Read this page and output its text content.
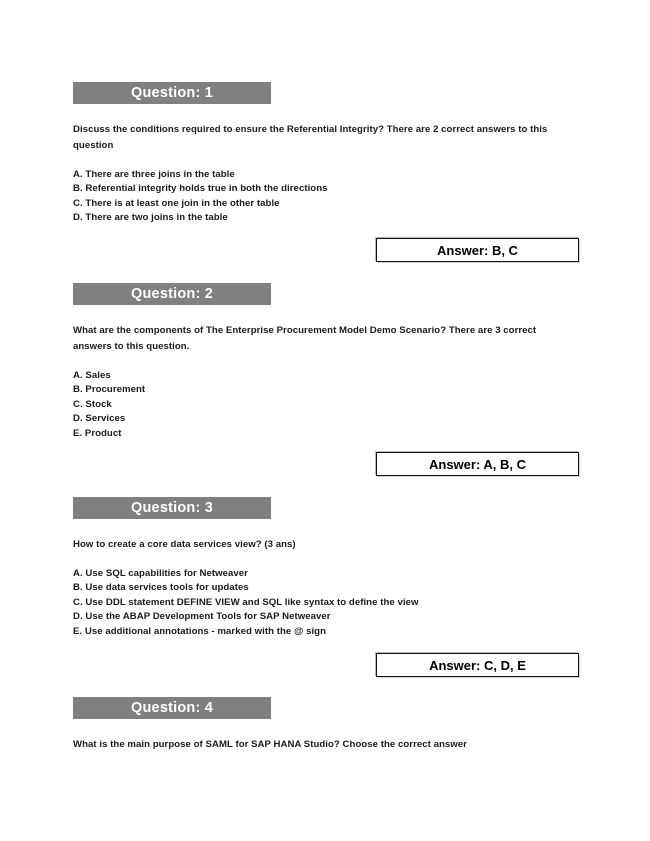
Question: 1
Discuss the conditions required to ensure the Referential Integrity? There are 2 correct answers to this question
A. There are three joins in the table
B. Referential integrity holds true in both the directions
C. There is at least one join in the other table
D. There are two joins in the table
Answer: B, C
Question: 2
What are the components of The Enterprise Procurement Model Demo Scenario? There are 3 correct answers to this question.
A. Sales
B. Procurement
C. Stock
D. Services
E. Product
Answer: A, B, C
Question: 3
How to create a core data services view? (3 ans)
A. Use SQL capabilities for Netweaver
B. Use data services tools for updates
C. Use DDL statement DEFINE VIEW and SQL like syntax to define the view
D. Use the ABAP Development Tools for SAP Netweaver
E. Use additional annotations - marked with the @ sign
Answer: C, D, E
Question: 4
What is the main purpose of SAML for SAP HANA Studio? Choose the correct answer
